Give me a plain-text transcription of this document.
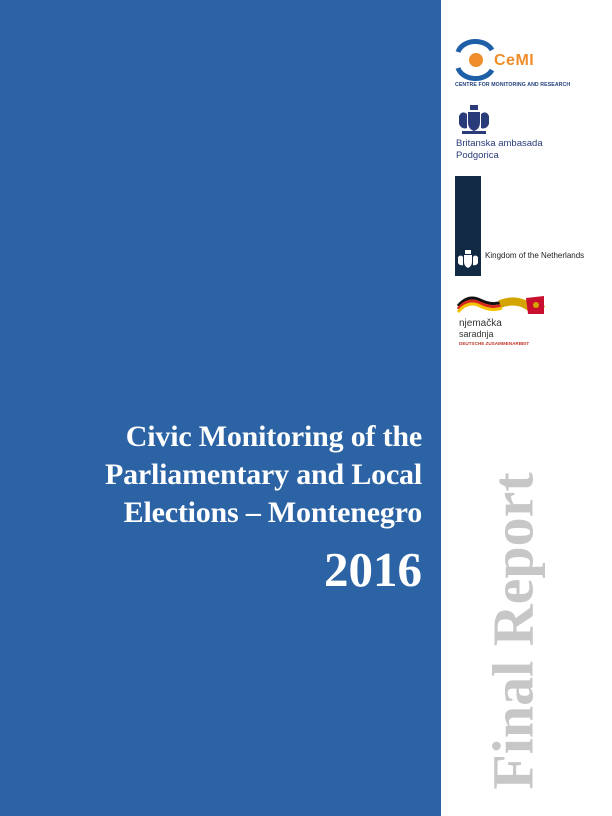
Civic Monitoring of the
Parliamentary and Local
Elections – Montenegro
2016 Final Report
CeMI
CENTRE FOR MONITORING AND RESEARCH
Britanska ambasada
Podgorica
Kingdom of the Netherlands
njemačka
saradnja
DEUTSCHE ZUSAMMENARBEIT
